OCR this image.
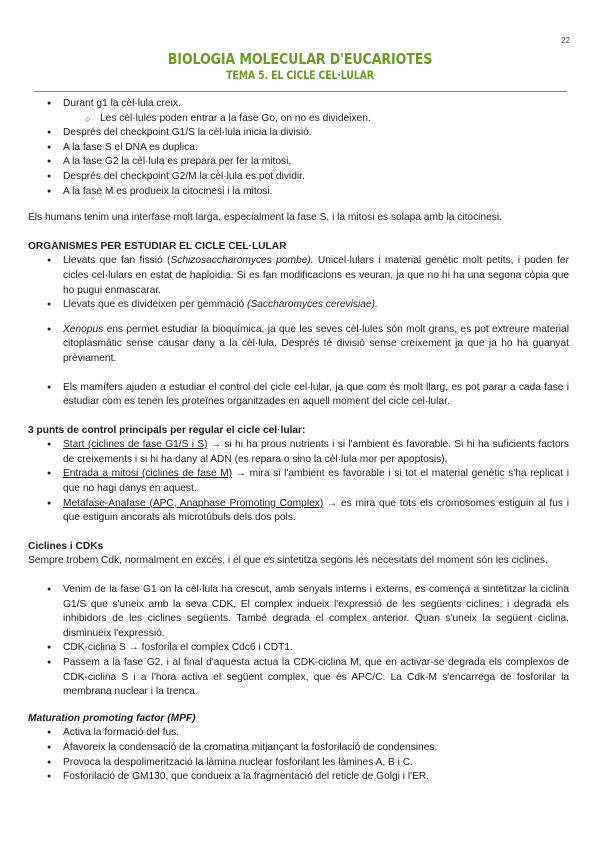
22
BIOLOGIA MOLECULAR D'EUCARIOTES
TEMA 5. EL CICLE CEL·LULAR
● Durant g1 la cèl·lula creix.
○ Les cèl·lules poden entrar a la fase Go, on no es divideixen.
● Després del checkpoint G1/S la cèl·lula inicia la divisió.
● A la fase S el DNA es duplica.
● A la fase G2 la cèl·lula es prepara per fer la mitosi.
● Després del checkpoint G2/M la cèl·lula es pot dividir.
● A la fase M es produeix la citocinesi i la mitosi.

Els humans tenim una interfase molt larga, especialment la fase S, i la mitosi es solapa amb la citocinesi.

ORGANISMES PER ESTUDIAR EL CICLE CEL·LULAR

● Llevats que fan fissió (Schizosaccharomyces pombe). Unicel·lulars i material genètic molt petits, i poden fer cicles cel·lulars en estat de haploidia. Si es fan modificacions es veuran, ja que no hi ha una segona còpia que ho pugui enmascarar.
● Llevats que es divideixen per gemmació (Saccharomyces cerevisiae).
● Xenopus ens permet estudiar la bioquímica, ja que les seves cèl·lules són molt grans, es pot extreure material citoplasmàtic sense causar dany a la cèl·lula. Després té divisió sense creixement ja que ja ho ha guanyat prèviament.
● Els mamífers ajuden a estudiar el control del cicle cel·lular, ja que com és molt llarg, es pot parar a cada fase i estudiar com es tenen les proteïnes organitzades en aquell moment del cicle cel·lular.

3 punts de control principals per regular el cicle cel·lular:

● Start (ciclines de fase G1/S i S) → si hi ha prous nutrients i si l'ambient és favorable. Si hi ha suficients factors de creixements i si hi ha dany al ADN (es repara o sino la cèl·lula mor per apoptosis).
● Entrada a mitosi (ciclines de fase M) → mira si l'ambient es favorable i si tot el material genètic s'ha replicat i que no hagi danys en aquest.
● Metafase-Anafase (APC, Anaphase Promoting Complex) → es mira que tots els cromosomes estiguin al fus i que estiguin ancorats als microtúbuls dels dos pols.

Ciclines i CDKs

Sempre trobem Cdk, normalment en excés, i el que es sintetitza segons les necesitats del moment són les ciclines.

● Venim de la fase G1 on la cèl·lula ha crescut, amb senyals interns i externs, es comença a sintetitzar la ciclina G1/S que s'uneix amb la seva CDK. El complex indueix l'expressió de les següents ciclines, i degrada els inhibidors de les ciclines següents. També degrada el complex anterior. Quan s'uneix la següent ciclina, disminueix l'expressió.
● CDK-ciclina S → fosforila el complex Cdc6 i CDT1.
● Passem a la fase G2, i al final d'aquesta actua la CDK-ciclina M, que en activar-se degrada els complexos de CDK-ciclina S i a l'hora activa el següent complex, que és APC/C. La Cdk-M s'encarrega de fosforilar la membrana nuclear i la trenca.

Maturation promoting factor (MPF)

● Activa la formació del fus.
● Afavoreix la condensació de la cromatina mitjançant la fosforilació de condensines.
● Provoca la despolimerització la làmina nuclear fosforilant les làmines A, B i C.
● Fosforilació de GM130, que condueix a la fragmentació del reticle de Golgi i l'ER.
